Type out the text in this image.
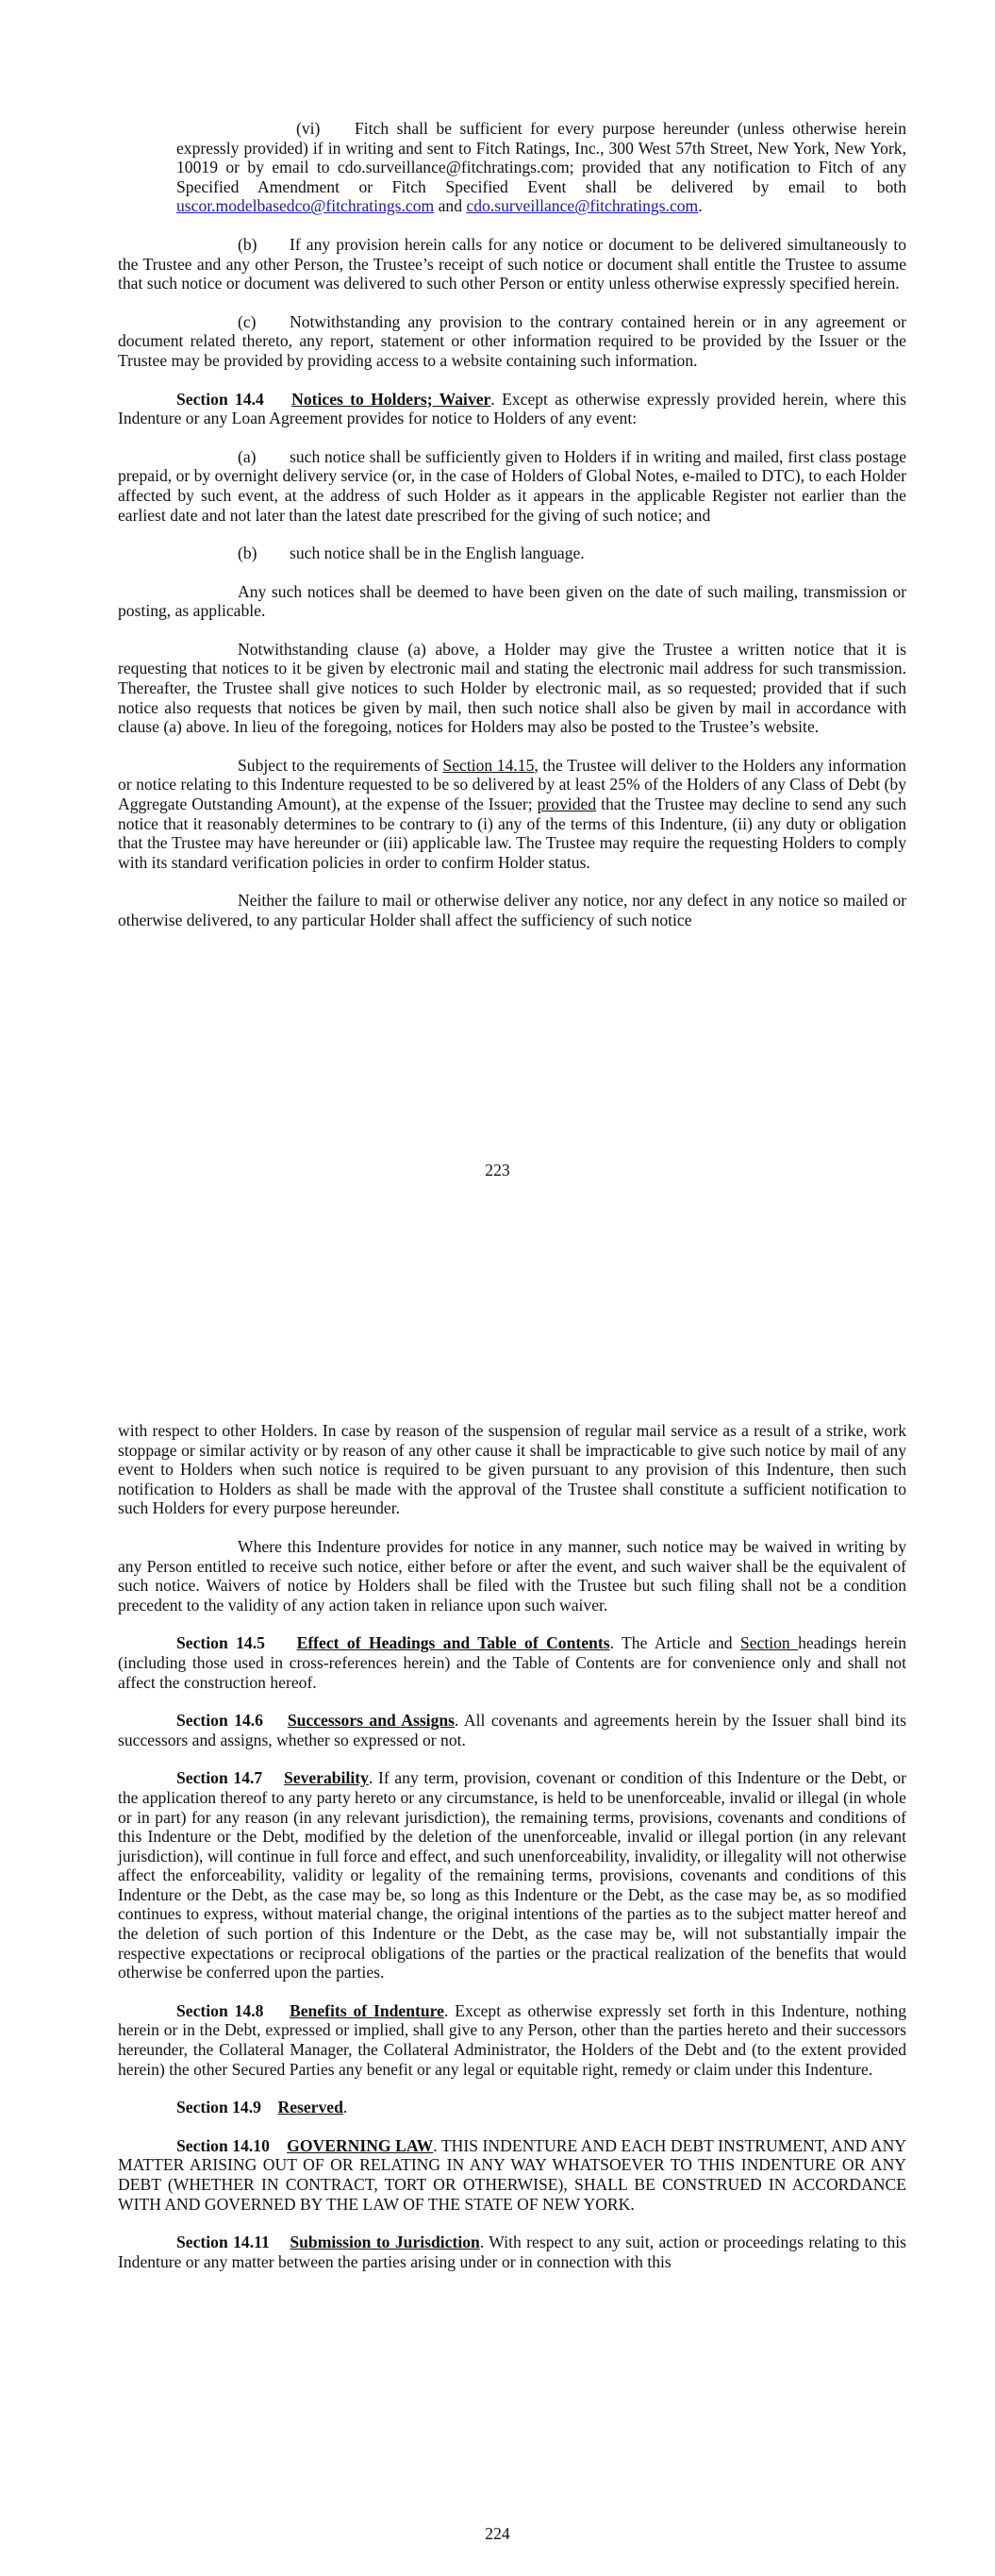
(vi) Fitch shall be sufficient for every purpose hereunder (unless otherwise herein expressly provided) if in writing and sent to Fitch Ratings, Inc., 300 West 57th Street, New York, New York, 10019 or by email to cdo.surveillance@fitchratings.com; provided that any notification to Fitch of any Specified Amendment or Fitch Specified Event shall be delivered by email to both uscor.modelbasedco@fitchratings.com and cdo.surveillance@fitchratings.com.

(b) If any provision herein calls for any notice or document to be delivered simultaneously to the Trustee and any other Person, the Trustee’s receipt of such notice or document shall entitle the Trustee to assume that such notice or document was delivered to such other Person or entity unless otherwise expressly specified herein.

(c) Notwithstanding any provision to the contrary contained herein or in any agreement or document related thereto, any report, statement or other information required to be provided by the Issuer or the Trustee may be provided by providing access to a website containing such information.

Section 14.4 Notices to Holders; Waiver. Except as otherwise expressly provided herein, where this Indenture or any Loan Agreement provides for notice to Holders of any event:

(a) such notice shall be sufficiently given to Holders if in writing and mailed, first class postage prepaid, or by overnight delivery service (or, in the case of Holders of Global Notes, e-mailed to DTC), to each Holder affected by such event, at the address of such Holder as it appears in the applicable Register not earlier than the earliest date and not later than the latest date prescribed for the giving of such notice; and

(b) such notice shall be in the English language.

Any such notices shall be deemed to have been given on the date of such mailing, transmission or posting, as applicable.

Notwithstanding clause (a) above, a Holder may give the Trustee a written notice that it is requesting that notices to it be given by electronic mail and stating the electronic mail address for such transmission. Thereafter, the Trustee shall give notices to such Holder by electronic mail, as so requested; provided that if such notice also requests that notices be given by mail, then such notice shall also be given by mail in accordance with clause (a) above. In lieu of the foregoing, notices for Holders may also be posted to the Trustee’s website.

Subject to the requirements of Section 14.15, the Trustee will deliver to the Holders any information or notice relating to this Indenture requested to be so delivered by at least 25% of the Holders of any Class of Debt (by Aggregate Outstanding Amount), at the expense of the Issuer; provided that the Trustee may decline to send any such notice that it reasonably determines to be contrary to (i) any of the terms of this Indenture, (ii) any duty or obligation that the Trustee may have hereunder or (iii) applicable law. The Trustee may require the requesting Holders to comply with its standard verification policies in order to confirm Holder status.

Neither the failure to mail or otherwise deliver any notice, nor any defect in any notice so mailed or otherwise delivered, to any particular Holder shall affect the sufficiency of such notice

223

with respect to other Holders. In case by reason of the suspension of regular mail service as a result of a strike, work stoppage or similar activity or by reason of any other cause it shall be impracticable to give such notice by mail of any event to Holders when such notice is required to be given pursuant to any provision of this Indenture, then such notification to Holders as shall be made with the approval of the Trustee shall constitute a sufficient notification to such Holders for every purpose hereunder.

Where this Indenture provides for notice in any manner, such notice may be waived in writing by any Person entitled to receive such notice, either before or after the event, and such waiver shall be the equivalent of such notice. Waivers of notice by Holders shall be filed with the Trustee but such filing shall not be a condition precedent to the validity of any action taken in reliance upon such waiver.

Section 14.5 Effect of Headings and Table of Contents. The Article and Section headings herein (including those used in cross-references herein) and the Table of Contents are for convenience only and shall not affect the construction hereof.

Section 14.6 Successors and Assigns. All covenants and agreements herein by the Issuer shall bind its successors and assigns, whether so expressed or not.

Section 14.7 Severability. If any term, provision, covenant or condition of this Indenture or the Debt, or the application thereof to any party hereto or any circumstance, is held to be unenforceable, invalid or illegal (in whole or in part) for any reason (in any relevant jurisdiction), the remaining terms, provisions, covenants and conditions of this Indenture or the Debt, modified by the deletion of the unenforceable, invalid or illegal portion (in any relevant jurisdiction), will continue in full force and effect, and such unenforceability, invalidity, or illegality will not otherwise affect the enforceability, validity or legality of the remaining terms, provisions, covenants and conditions of this Indenture or the Debt, as the case may be, so long as this Indenture or the Debt, as the case may be, as so modified continues to express, without material change, the original intentions of the parties as to the subject matter hereof and the deletion of such portion of this Indenture or the Debt, as the case may be, will not substantially impair the respective expectations or reciprocal obligations of the parties or the practical realization of the benefits that would otherwise be conferred upon the parties.

Section 14.8 Benefits of Indenture. Except as otherwise expressly set forth in this Indenture, nothing herein or in the Debt, expressed or implied, shall give to any Person, other than the parties hereto and their successors hereunder, the Collateral Manager, the Collateral Administrator, the Holders of the Debt and (to the extent provided herein) the other Secured Parties any benefit or any legal or equitable right, remedy or claim under this Indenture.

Section 14.9 Reserved.

Section 14.10 GOVERNING LAW. THIS INDENTURE AND EACH DEBT INSTRUMENT, AND ANY MATTER ARISING OUT OF OR RELATING IN ANY WAY WHATSOEVER TO THIS INDENTURE OR ANY DEBT (WHETHER IN CONTRACT, TORT OR OTHERWISE), SHALL BE CONSTRUED IN ACCORDANCE WITH AND GOVERNED BY THE LAW OF THE STATE OF NEW YORK.

Section 14.11 Submission to Jurisdiction. With respect to any suit, action or proceedings relating to this Indenture or any matter between the parties arising under or in connection with this

224
